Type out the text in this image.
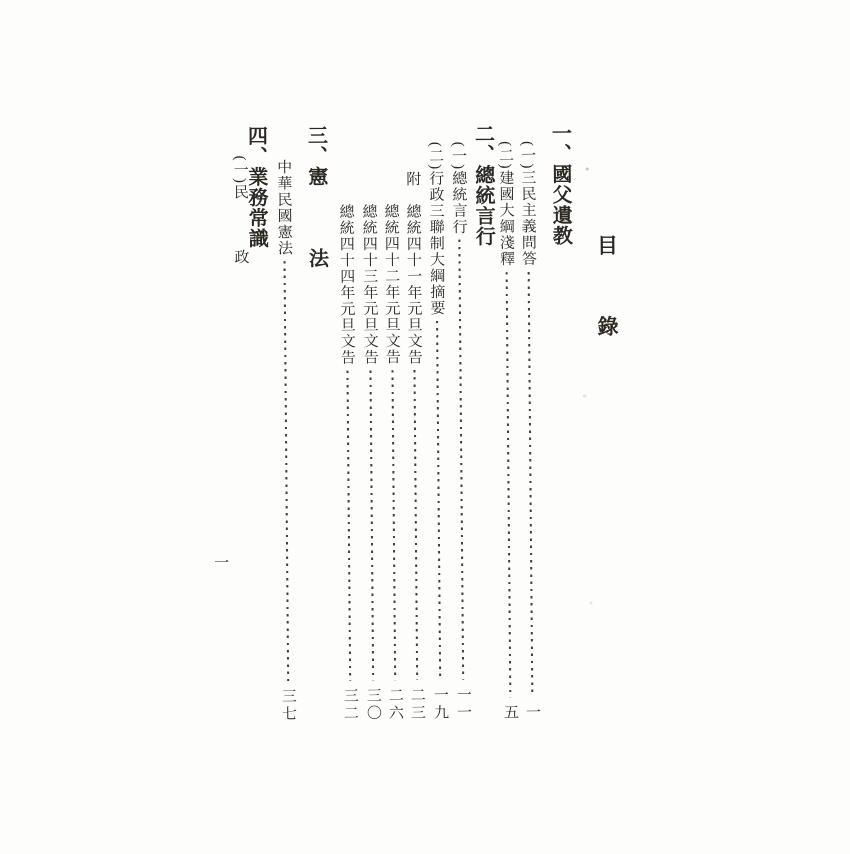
目錄
一、國父遺教
(一)三民主義問答
一
(二)建國大綱淺釋
五
二、總統言行
(一)總統言行
一一
(二)行政三聯制大綱摘要
一九
附　總統四十一年元旦文告
二三
總統四十二年元旦文告
二六
總統四十三年元旦文告
三〇
總統四十四年元旦文告
三二
三、憲　　　法
中華民國憲法
三七
四、業務常識
(一)民　　　政
一
